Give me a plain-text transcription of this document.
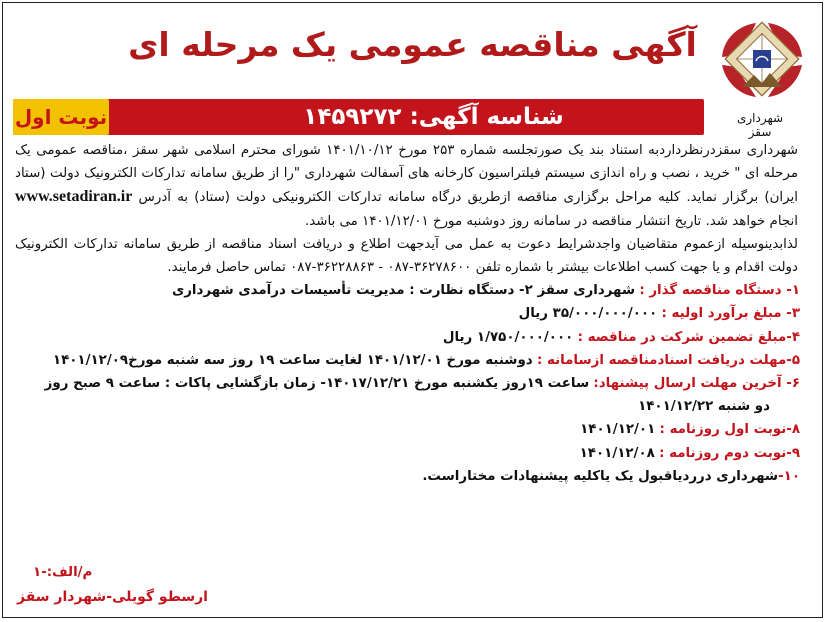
آگهی مناقصه عمومی یک مرحله ای
شهرداری سقز
شناسه آگهی: ۱۴۵۹۲۷۲
نوبت اول

شهرداری سقزدرنظرداردبه استناد بند یک صورتجلسه شماره ۲۵۳ مورخ ۱۴۰۱/۱۰/۱۲ شورای محترم اسلامی شهر سقز ،مناقصه عمومی یک مرحله ای " خرید ، نصب و راه اندازی سیستم فیلتراسیون کارخانه های آسفالت شهرداری "را از طریق سامانه تدارکات الکترونیک دولت (ستاد ایران) برگزار نماید. کلیه مراحل برگزاری مناقصه ازطریق درگاه سامانه تدارکات الکترونیکی دولت (ستاد) به آدرس www.setadiran.ir انجام خواهد شد. تاریخ انتشار مناقصه در سامانه روز دوشنبه مورخ ۱۴۰۱/۱۲/۰۱ می باشد.

لذابدینوسیله ازعموم متقاضیان واجدشرایط دعوت به عمل می آیدجهت اطلاع و دریافت اسناد مناقصه از طریق سامانه تدارکات الکترونیک دولت اقدام و یا جهت کسب اطلاعات بیشتر با شماره تلفن ۳۶۲۷۸۶۰۰-۰۸۷ - ۳۶۲۲۸۸۶۳-۰۸۷ تماس حاصل فرمایند.

۱- دستگاه مناقصه گذار : شهرداری سقز ۲- دستگاه نظارت : مدیریت تأسیسات درآمدی شهرداری

۳- مبلغ برآورد اولیه : ۳۵/۰۰۰/۰۰۰/۰۰۰ ریال

۴-مبلغ تضمین شرکت در مناقصه : ۱/۷۵۰/۰۰۰/۰۰۰ ریال

۵-مهلت دریافت اسنادمناقصه ازسامانه : دوشنبه مورخ ۱۴۰۱/۱۲/۰۱ لغایت ساعت ۱۹ روز سه شنبه مورخ۱۴۰۱/۱۲/۰۹

۶- آخرین مهلت ارسال پیشنهاد: ساعت ۱۹روز یکشنبه مورخ ۱۴۰۱۷/۱۲/۲۱- زمان بازگشایی پاکات : ساعت ۹ صبح روز

دو شنبه ۱۴۰۱/۱۲/۲۲

۸-نوبت اول روزنامه : ۱۴۰۱/۱۲/۰۱

۹-نوبت دوم روزنامه : ۱۴۰۱/۱۲/۰۸

۱۰-شهرداری درردیاقبول یک یاکلیه پیشنهادات مختاراست.

م/الف:-۱
ارسطو گویلی-شهردار سقز
